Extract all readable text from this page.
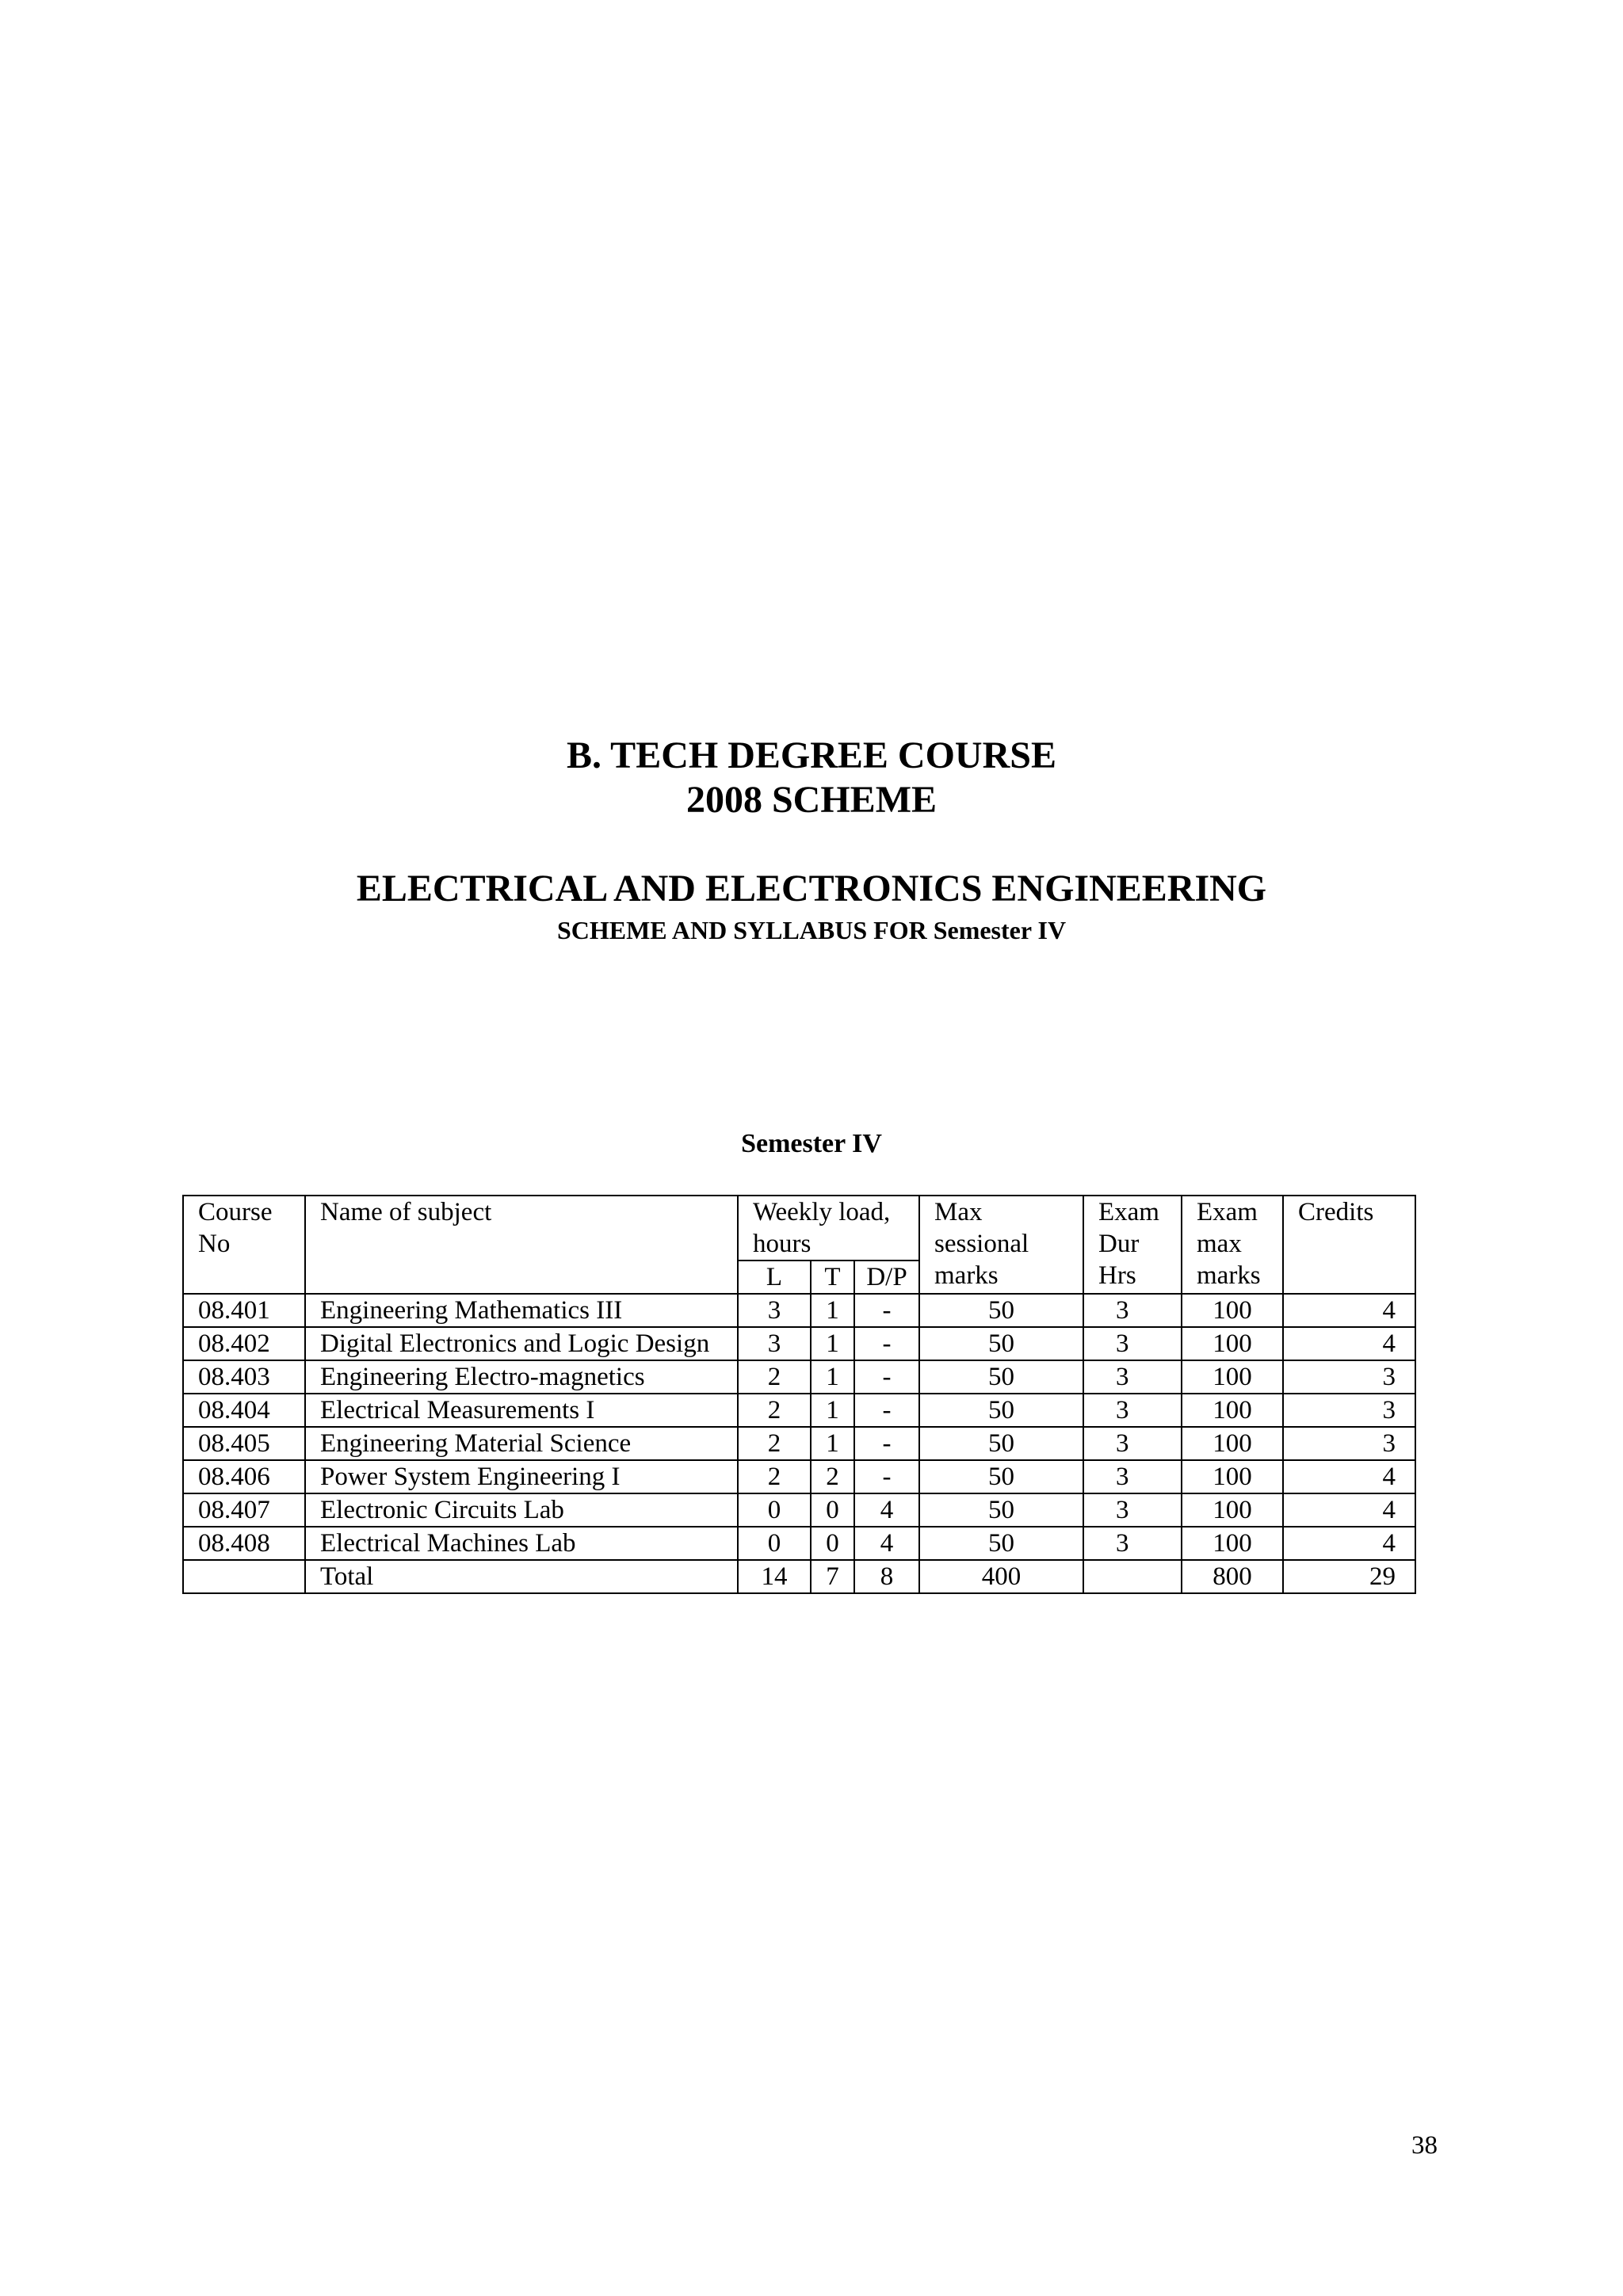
B. TECH DEGREE COURSE
2008 SCHEME
ELECTRICAL AND ELECTRONICS ENGINEERING
SCHEME AND SYLLABUS FOR Semester IV
Semester IV
Course No	Name of subject	Weekly load, hours			Max sessional marks	Exam Dur Hrs	Exam max marks	Credits
		L	T	D/P				
08.401	Engineering Mathematics III	3	1	-	50	3	100	4
08.402	Digital Electronics and Logic Design	3	1	-	50	3	100	4
08.403	Engineering Electro-magnetics	2	1	-	50	3	100	3
08.404	Electrical Measurements I	2	1	-	50	3	100	3
08.405	Engineering Material Science	2	1	-	50	3	100	3
08.406	Power System Engineering I	2	2	-	50	3	100	4
08.407	Electronic Circuits Lab	0	0	4	50	3	100	4
08.408	Electrical Machines Lab	0	0	4	50	3	100	4
	Total	14	7	8	400		800	29
38
